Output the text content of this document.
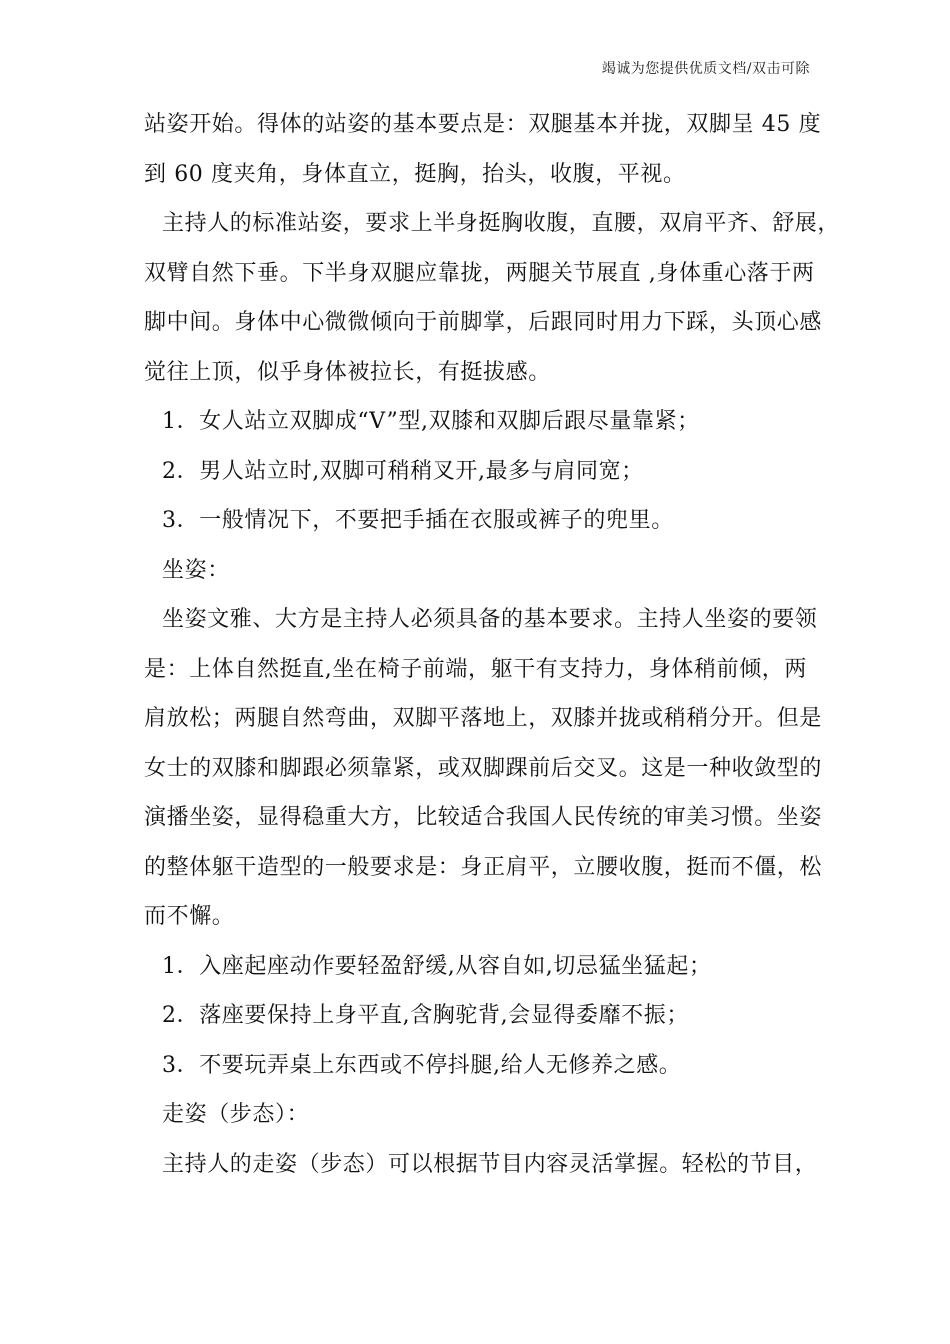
竭诚为您提供优质文档/双击可除
站姿开始。得体的站姿的基本要点是：双腿基本并拢，双脚呈 45 度
到 60 度夹角，身体直立，挺胸，抬头，收腹，平视。
主持人的标准站姿，要求上半身挺胸收腹，直腰，双肩平齐、舒展，
双臂自然下垂。下半身双腿应靠拢，两腿关节展直 ,身体重心落于两
脚中间。身体中心微微倾向于前脚掌，后跟同时用力下踩，头顶心感
觉往上顶，似乎身体被拉长，有挺拔感。
1．女人站立双脚成“V”型,双膝和双脚后跟尽量靠紧；
2．男人站立时,双脚可稍稍叉开,最多与肩同宽；
3．一般情况下，不要把手插在衣服或裤子的兜里。
坐姿：
坐姿文雅、大方是主持人必须具备的基本要求。主持人坐姿的要领
是：上体自然挺直,坐在椅子前端，躯干有支持力，身体稍前倾，两
肩放松；两腿自然弯曲，双脚平落地上，双膝并拢或稍稍分开。但是
女士的双膝和脚跟必须靠紧，或双脚踝前后交叉。这是一种收敛型的
演播坐姿，显得稳重大方，比较适合我国人民传统的审美习惯。坐姿
的整体躯干造型的一般要求是：身正肩平，立腰收腹，挺而不僵，松
而不懈。
1．入座起座动作要轻盈舒缓,从容自如,切忌猛坐猛起；
2．落座要保持上身平直,含胸驼背,会显得委靡不振；
3．不要玩弄桌上东西或不停抖腿,给人无修养之感。
走姿（步态）：
主持人的走姿（步态）可以根据节目内容灵活掌握。轻松的节目，
